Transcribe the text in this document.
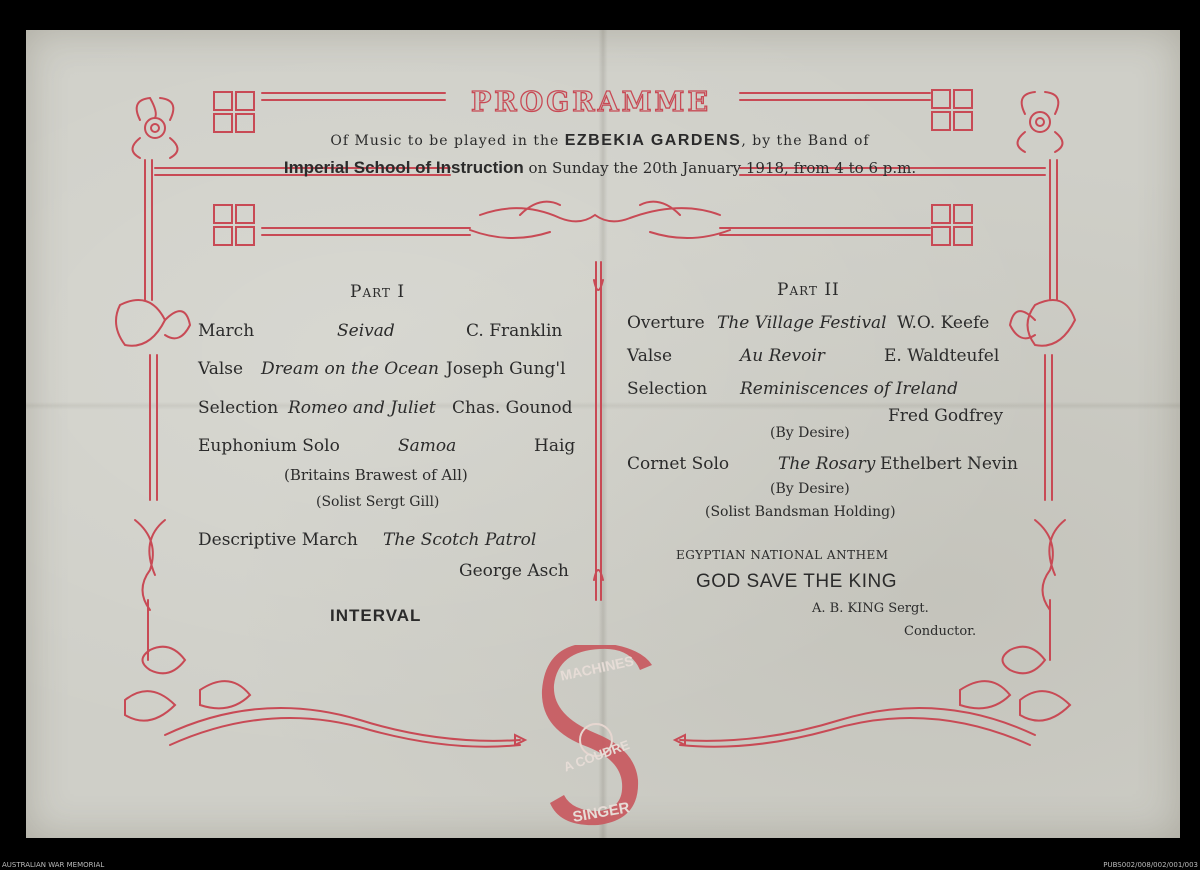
PROGRAMME
Of Music to be played in the EZBEKIA GARDENS, by the Band of
Imperial School of Instruction on Sunday the 20th January 1918, from 4 to 6 p.m.
Part I
March	Seivad	C. Franklin
Valse Dream on the Ocean Joseph Gung'l
Selection Romeo and Juliet Chas. Gounod
Euphonium Solo	Samoa	Haig
(Britains Brawest of All)
(Solist Sergt Gill)
Descriptive March The Scotch Patrol
George Asch
INTERVAL
Part II
Overture The Village Festival W.O. Keefe
Valse	Au Revoir	E. Waldteufel
Selection Reminiscences of Ireland
Fred Godfrey
(By Desire)
Cornet Solo	The Rosary Ethelbert Nevin
(By Desire)
(Solist Bandsman Holding)
EGYPTIAN NATIONAL ANTHEM
GOD SAVE THE KING
A. B. KING Sergt.
Conductor.
MACHINES
A COUDRE
SINGER
AUSTRALIAN WAR MEMORIAL	PUBS002/008/002/001/003
